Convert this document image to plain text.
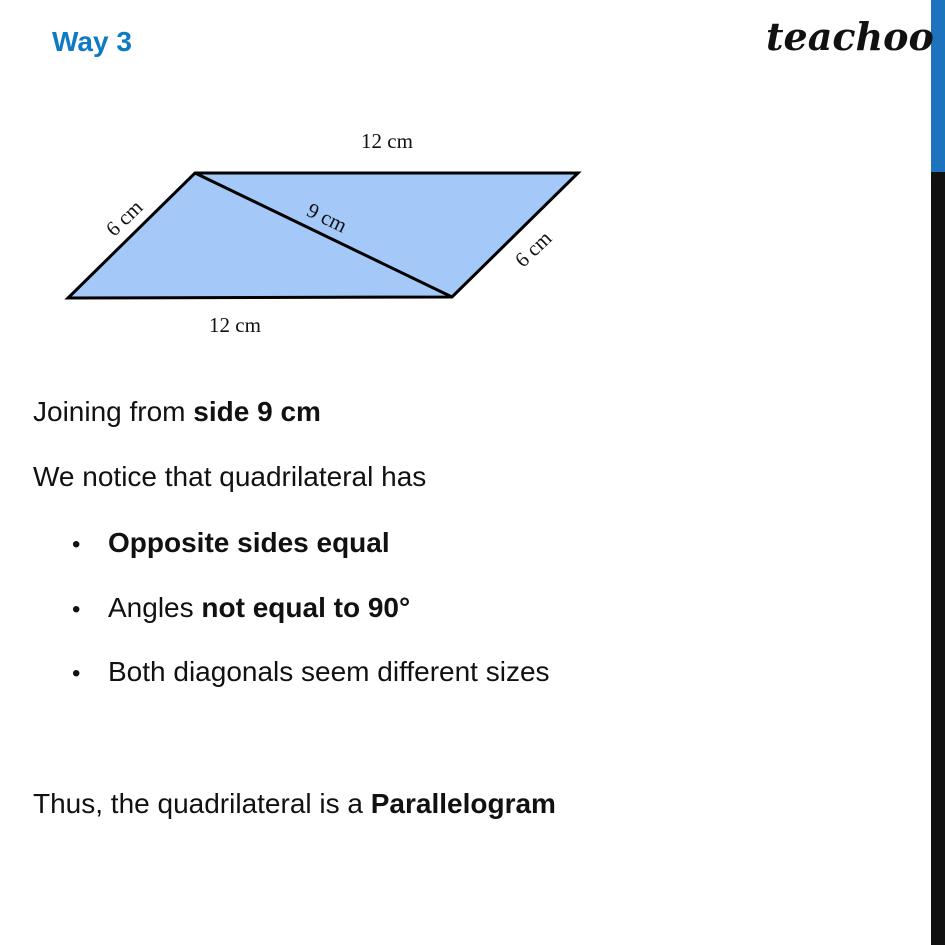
Way 3	teachoo
12 cm
12 cm
6 cm
6 cm
9 cm
Joining from side 9 cm
We notice that quadrilateral has
• Opposite sides equal
• Angles not equal to 90°
• Both diagonals seem different sizes
Thus, the quadrilateral is a Parallelogram
